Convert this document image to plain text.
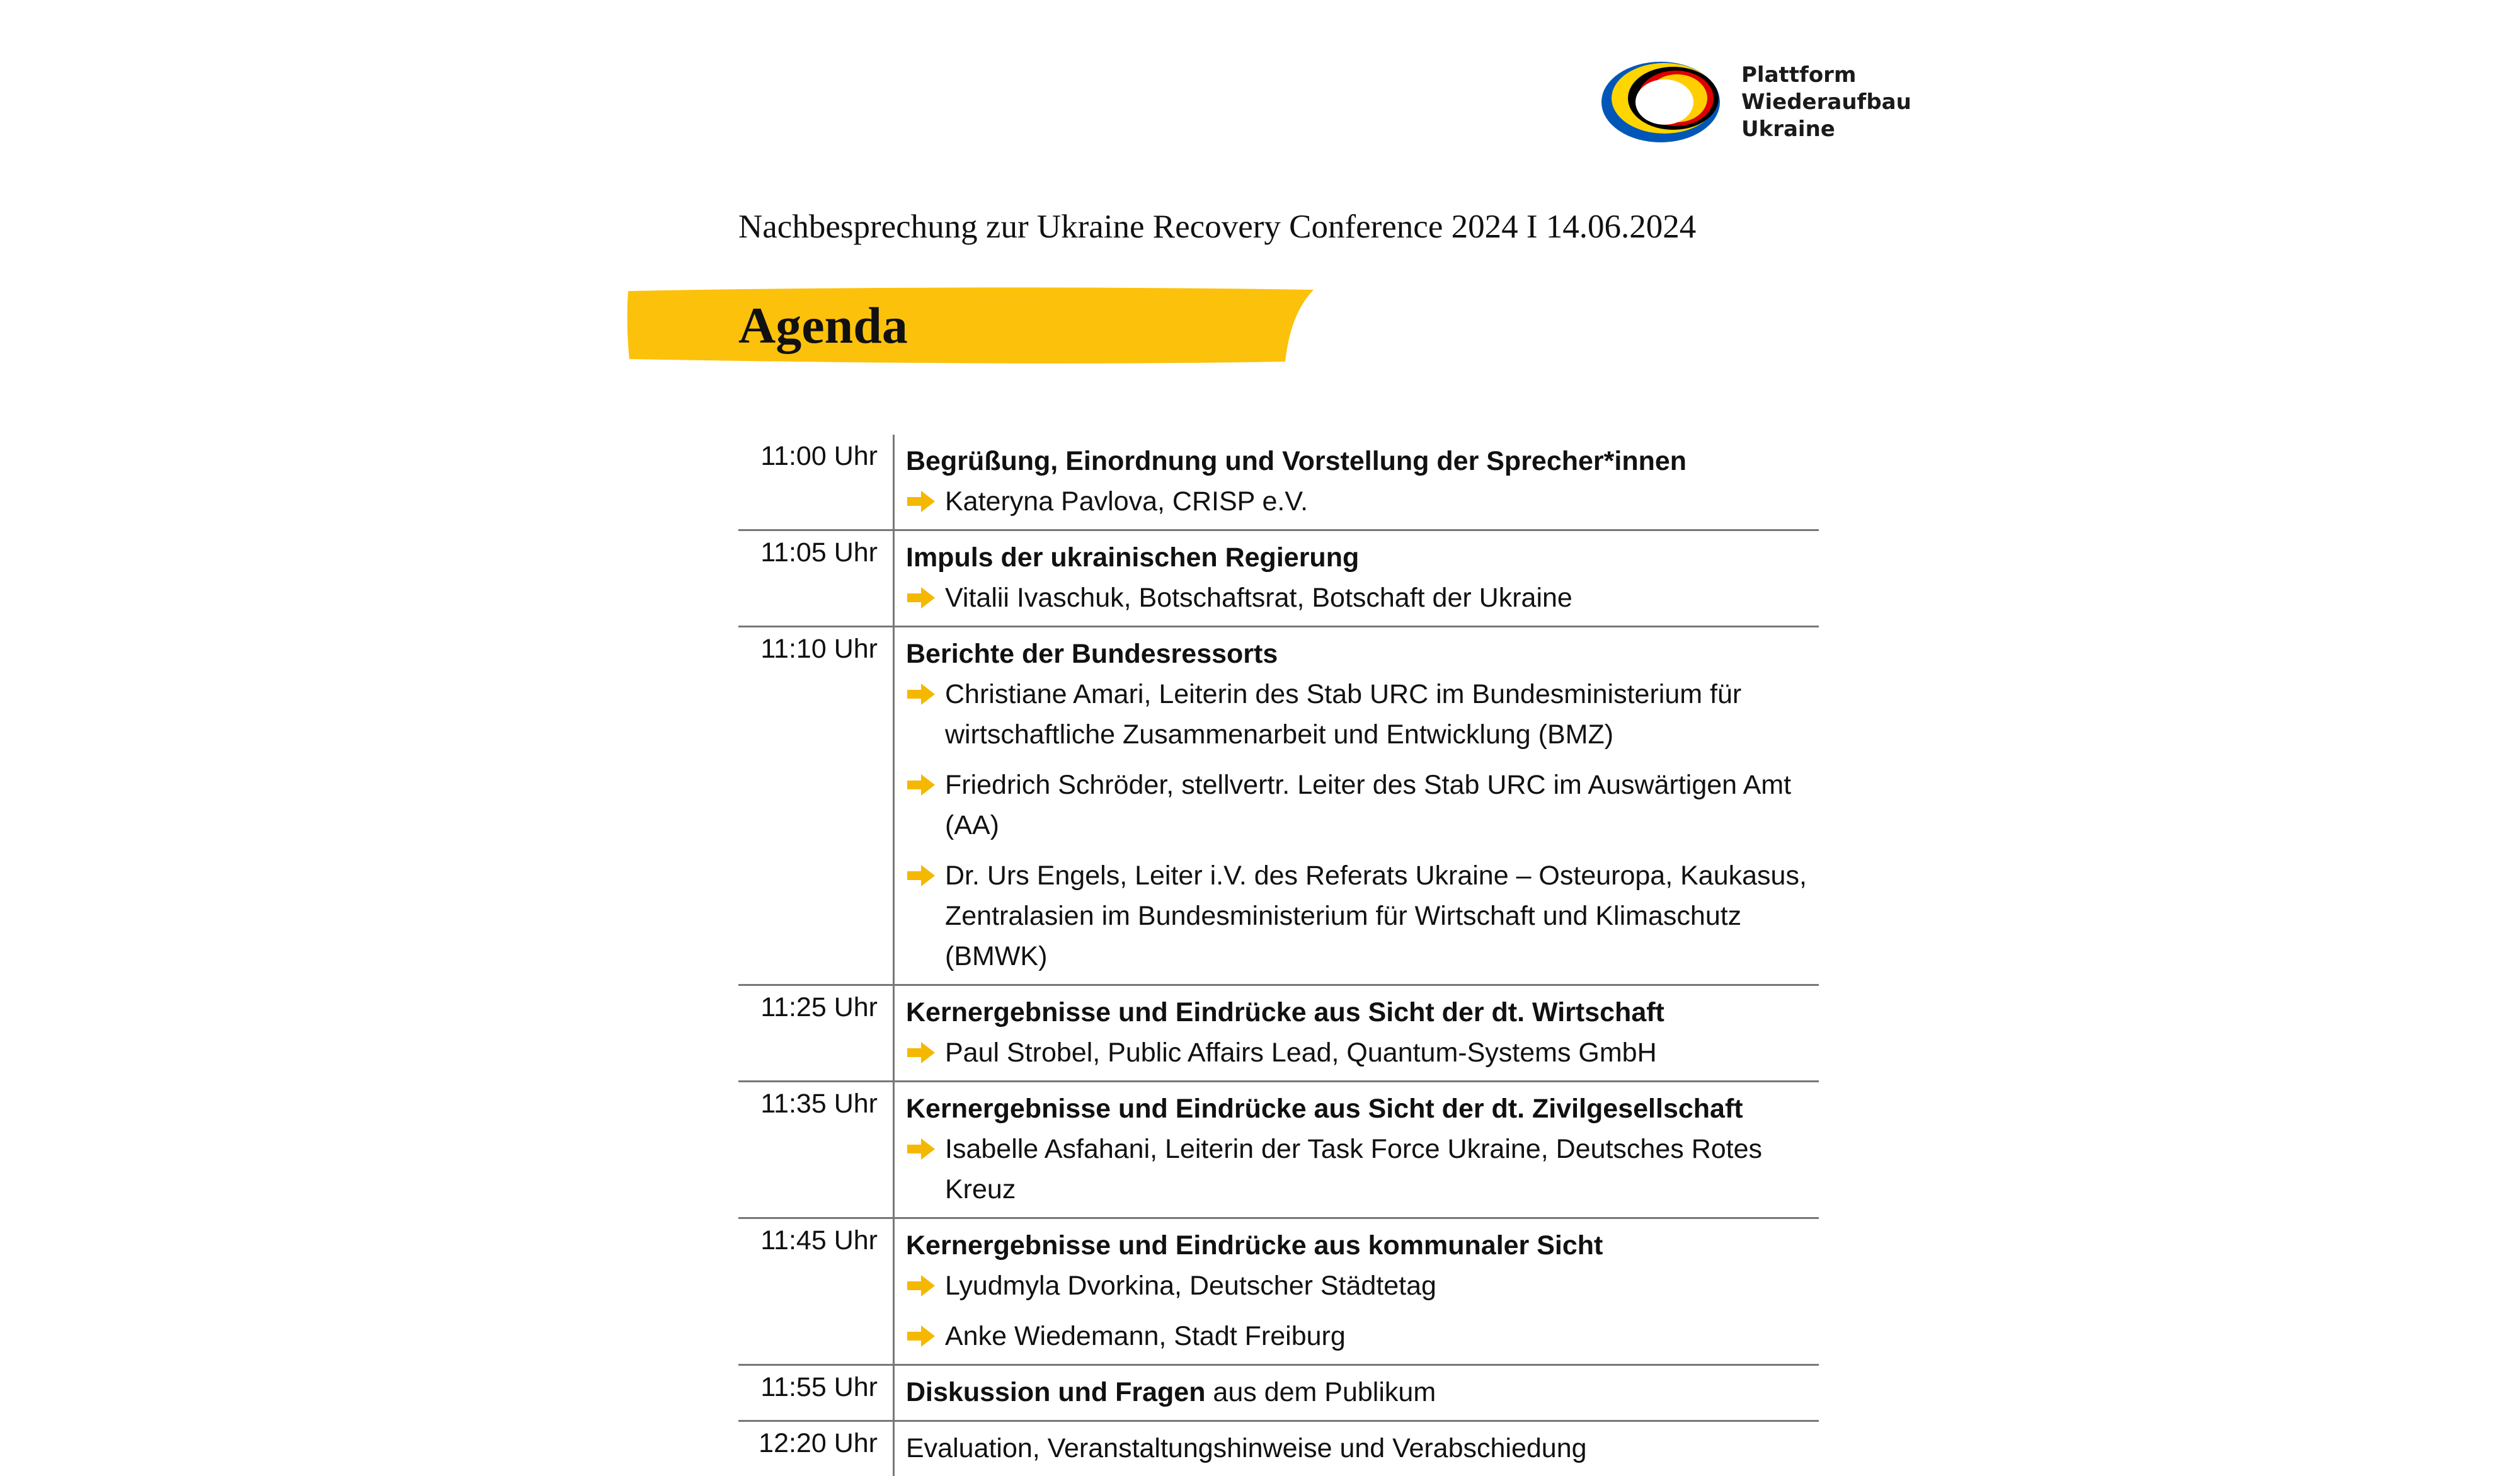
Plattform
Wiederaufbau
Ukraine
Nachbesprechung zur Ukraine Recovery Conference 2024 I 14.06.2024
Agenda
11:00 Uhr	Begrüßung, Einordnung und Vorstellung der Sprecher*innen
Kateryna Pavlova, CRISP e.V.
11:05 Uhr	Impuls der ukrainischen Regierung
Vitalii Ivaschuk, Botschaftsrat, Botschaft der Ukraine
11:10 Uhr	Berichte der Bundesressorts
Christiane Amari, Leiterin des Stab URC im Bundesministerium für wirtschaftliche Zusammenarbeit und Entwicklung (BMZ)
Friedrich Schröder, stellvertr. Leiter des Stab URC im Auswärtigen Amt (AA)
Dr. Urs Engels, Leiter i.V. des Referats Ukraine – Osteuropa, Kaukasus, Zentralasien im Bundesministerium für Wirtschaft und Klimaschutz (BMWK)
11:25 Uhr	Kernergebnisse und Eindrücke aus Sicht der dt. Wirtschaft
Paul Strobel, Public Affairs Lead, Quantum-Systems GmbH
11:35 Uhr	Kernergebnisse und Eindrücke aus Sicht der dt. Zivilgesellschaft
Isabelle Asfahani, Leiterin der Task Force Ukraine, Deutsches Rotes Kreuz
11:45 Uhr	Kernergebnisse und Eindrücke aus kommunaler Sicht
Lyudmyla Dvorkina, Deutscher Städtetag
Anke Wiedemann, Stadt Freiburg
11:55 Uhr	Diskussion und Fragen aus dem Publikum
12:20 Uhr	Evaluation, Veranstaltungshinweise und Verabschiedung
